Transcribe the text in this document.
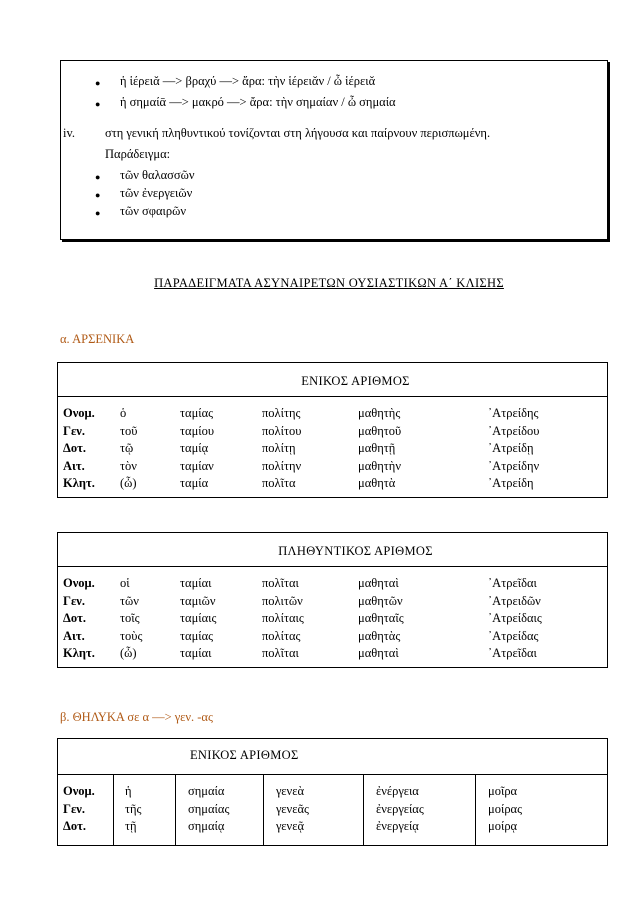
● ἡ ἱέρειᾰ —> βραχύ —> ἄρα: τὴν ἱέρειᾰν / ὦ ἱέρειᾰ
● ἡ σημαίᾱ —> μακρό —> ἄρα: τὴν σημαίαν / ὦ σημαία
iv. στη γενική πληθυντικού τονίζονται στη λήγουσα και παίρνουν περισπωμένη.
Παράδειγμα:
● τῶν θαλασσῶν
● τῶν ἐνεργειῶν
● τῶν σφαιρῶν
ΠΑΡΑΔΕΙΓΜΑΤΑ ΑΣΥΝΑΙΡΕΤΩΝ ΟΥΣΙΑΣΤΙΚΩΝ Α΄ ΚΛΙΣΗΣ
α. ΑΡΣΕΝΙΚΑ
ΕΝΙΚΟΣ ΑΡΙΘΜΟΣ
Ονομ.
Γεν.
Δοτ.
Αιτ.
Κλητ.
ὁ
τοῦ
τῷ
τὸν
(ὦ)
ταμίας
ταμίου
ταμίᾳ
ταμίαν
ταμία
πολίτης
πολίτου
πολίτῃ
πολίτην
πολῖτα
μαθητὴς
μαθητοῦ
μαθητῇ
μαθητὴν
μαθητὰ
᾿Ατρείδης
᾿Ατρείδου
᾿Ατρείδῃ
᾿Ατρείδην
᾿Ατρείδη
ΠΛΗΘΥΝΤΙΚΟΣ ΑΡΙΘΜΟΣ
Ονομ.
Γεν.
Δοτ.
Αιτ.
Κλητ.
οἱ
τῶν
τοῖς
τοὺς
(ὦ)
ταμίαι
ταμιῶν
ταμίαις
ταμίας
ταμίαι
πολῖται
πολιτῶν
πολίταις
πολίτας
πολῖται
μαθηταὶ
μαθητῶν
μαθηταῖς
μαθητὰς
μαθηταὶ
᾿Ατρεῖδαι
᾿Ατρειδῶν
᾿Ατρείδαις
᾿Ατρείδας
᾿Ατρεῖδαι
β. ΘΗΛΥΚΑ σε α —> γεν. -ας
ΕΝΙΚΟΣ ΑΡΙΘΜΟΣ
Ονομ.
Γεν.
Δοτ.
ἡ
τῆς
τῇ
σημαία
σημαίας
σημαίᾳ
γενεὰ
γενεᾶς
γενεᾷ
ἐνέργεια
ἐνεργείας
ἐνεργείᾳ
μοῖρα
μοίρας
μοίρᾳ
